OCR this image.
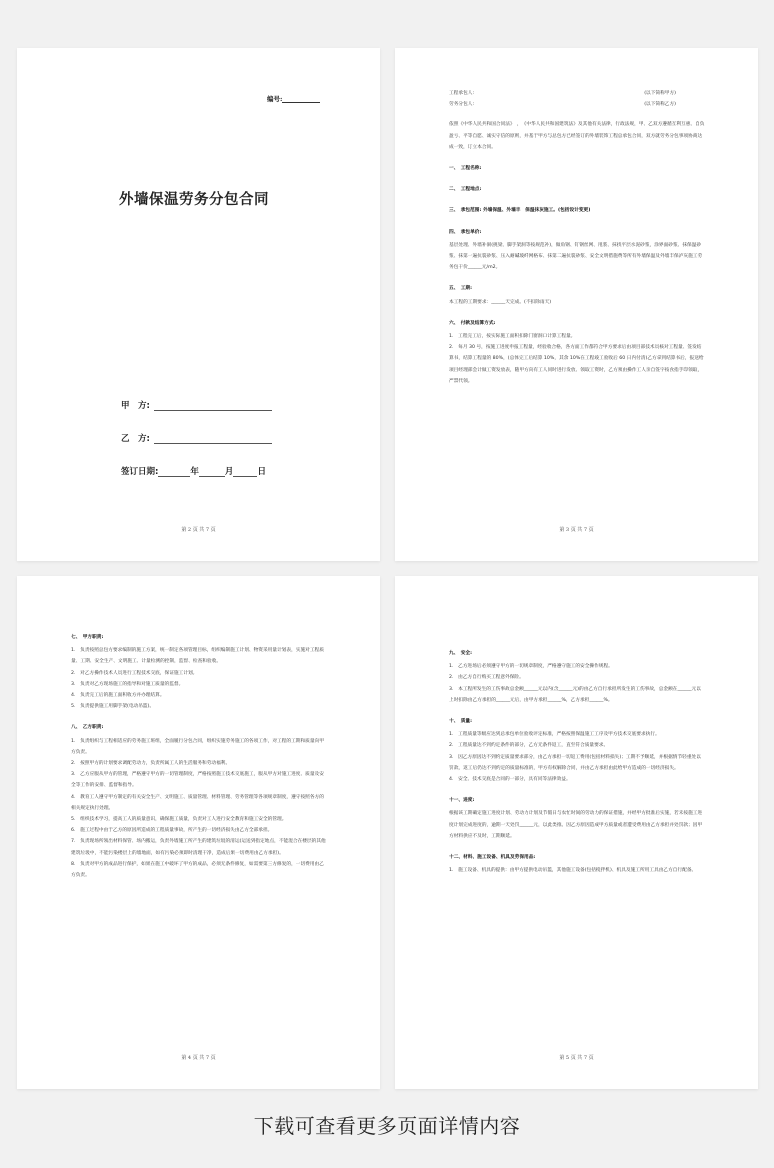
编号:
外墙保温劳务分包合同
甲　方:
乙　方:
签订日期:	年	月	日
第 2 页 共 7 页
工程承包人:	(以下简称甲方)
劳务分包人:	(以下简称乙方)
依照《中华人民共和国合同法》　，　《中华人民共和国建筑法》及其他有关法律，行政法规，甲、乙双方遵循互利互惠、自负盈亏、平等自愿、诚实守信的原则，并基于甲方与总包方已经签订的外墙装饰工程总承包合同，双方就劳务分包事项协商达成一致，订立本合同。
一、　工程名称:
二、　工程地点:
三、　承包范围: 外墙保温、外墙丰　保温抹灰施工。(包括设计变更)
四、　承包单价:
基层处理、外墙补洞(挑梁、脚手架洞等按规范补)，做角钢、钉钢丝网、甩浆、抹找平层水泥砂浆，涂界面砂浆、抹保温砂浆、抹第一遍抗裂砂浆、压入耐碱玻纤网格布、抹第二遍抗裂砂浆、安全文明措施费等所有外墙保温及外墙丰保泸灰施工劳务包干价______元/m2。
五、　工期:
本工程的工期要求：______天完成。(不扣除雨天)
六、　付款及结算方式:
1.　工程完工后，按实际施工面积扣除门窗洞口计算工程量。
2.　每月 30 号，按施工进度申报工程量，经验收合格，各方面工作都符合甲方要求后由项目部技术员核对工程量、签发结算书，结算工程量的 80%，(总体完工后结算 10%，其余 10%在工程竣工验收后 60 日内付清)乙方拿到结算书后，报送给项目经理部会计做工资发放表，随甲方向有工人同时进行发放、领取工资时，乙方须由操作工人亲自签字按食指手印领取，严禁代领。
第 3 页 共 7 页
七、　甲方职责:
1.　负责按照总包方要求编制的施工方案，统一制定各项管理目标，组织编制施工计划、物资采用量计划表，实施对工程质量、工期、安全生产、文明施工、计量检测的控制，监督、检查和验收。
2.　对乙方操作技术人员进行工程技术交底，保证施工计划。
3.　负责对乙方现场施工的指导和对施工质量的监督。
4.　负责完工后的施工面积收方并办理结算。
5.　负责提供施工用脚手架(电动吊篮)。
八、　乙方职责:
1.　负责组织与工程相适应的劳务施工班组，全面履行分包合同，组织实施劳务施工的各项工作，对工程的工期和质量向甲方负责。
2.　按照甲方的计划要求调配劳动力，负责所属工人的生活服务和劳动福利。
3.　乙方应服从甲方的管理，严格遵守甲方的一切管理制度，严格按照施工技术交底施工，服从甲方对施工进度、质量及安全等工作的安排、监督和指导。
4.　教育工人遵守甲方制定的有关安全生产、文明施工、质量管理、材料管理、劳务管理等各项规章制度，遵守按照各方的相关规定执行处理。
5.　组织技术学习，提高工人的质量意识，确保施工质量，负责对工人进行安全教育和施工安全的管理。
6.　施工过程中由于乙方的原因所造成的工程质量事故，所产生的一切经济损失由乙方全部承担。
7.　负责现场所领出材料保管、场内搬运，负责外墙施工所产生的建筑垃圾的清运(运送到指定地点，不能混合在楼层的其他建筑垃圾中，不能污染楼层上的墙地面，如有污染必须即时清理干净，造成后果一切费用由乙方承担)。
8.　负责对甲方的成品进行保护，如果在施工中破坏了甲方的成品，必须无条件修复，如需要第三方修复的，一切费用由乙方负责。
第 4 页 共 7 页
九、　安全:
1.　乙方进场后必须遵守甲方的一切规章制度，严格遵守施工的安全操作规程。
2.　由乙方自行购买工程意外保险。
3.　本工程所发生的工伤事故总金额______元以内(含______元)的由乙方自行承担所发生的工伤事故，总金额在______元以上时扣除由乙方承担的______元后，由甲方承担______%，乙方承担______%。
十、　质量:
1.　工程质量等级应达到总承包单位验收评定标准，严格按照保温施工工序及甲方技术交底要求执行。
2.　工程质量达不到约定条件的部分，乙方无条件返工，直至符合质量要求。
3.　因乙方原因达不到约定质量要求部分，由乙方承担一切返工费用(包括材料损失)；工期不予顺延，并根据情节轻重处以罚款，返工后仍达不到约定的质量标准的，甲方有权解除合同，并由乙方承担由此给甲方造成的一切经济损失。
4.　安全、技术交底是合同的一部分，具有同等法律效益。
十一、进度:
根据该工期确定施工进度计划、劳动力计划及节假日与农忙时间的劳动力的保证措施，并经甲方批准后实施，若未按施工进度计划完成进度的，逾期一天处罚______元，以此类推。因乙方原因造成甲方质量或者遭受费用由乙方承担并处罚款；因甲方材料供应不及时，工期顺延。
十二、材料、施工设备、机具及劳保用品:
1.　施工设备、机具的提供：由甲方提供电动吊篮，其他施工设备(包括搅拌机)、机具及施工所用工具由乙方自行配备。
第 5 页 共 7 页
下载可查看更多页面详情内容
